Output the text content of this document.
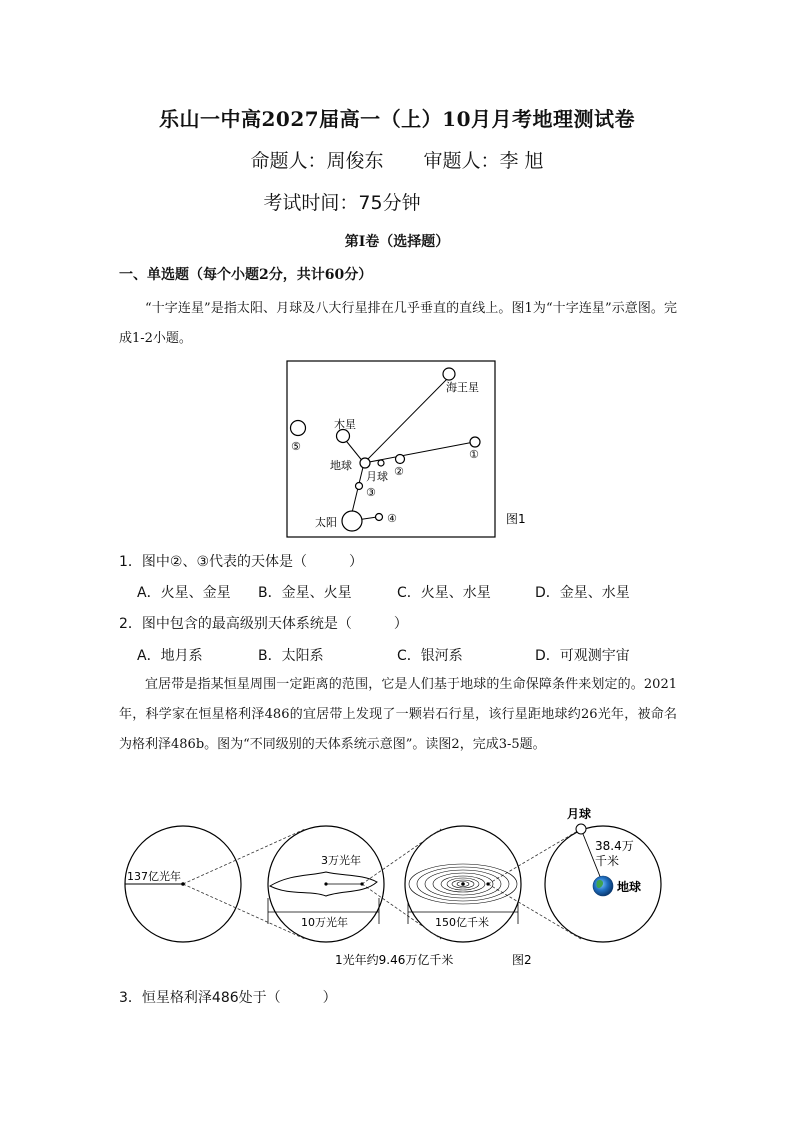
乐山一中高2027届高一（上）10月月考地理测试卷
命题人：周俊东 审题人：李 旭
考试时间：75分钟
第Ⅰ卷（选择题）
一、单选题（每个小题2分，共计60分）

“十字连星”是指太阳、月球及八大行星排在几乎垂直的直线上。图1为“十字连星”示意图。完成1-2小题。

海王星
木星
地球
月球
太阳
⑤
②
①
③
④	图1
1．图中②、③代表的天体是（　　　）
A．火星、金星	B．金星、火星	C．火星、水星	D．金星、水星
2．图中包含的最高级别天体系统是（　　　）
A．地月系	B．太阳系	C．银河系	D．可观测宇宙

宜居带是指某恒星周围一定距离的范围，它是人们基于地球的生命保障条件来划定的。2021年，科学家在恒星格利泽486的宜居带上发现了一颗岩石行星，该行星距地球约26光年，被命名为格利泽486b。图为“不同级别的天体系统示意图”。读图2，完成3-5题。

137亿光年
3万光年
10万光年	150亿千米
月球
38.4万
千米
地球
1光年约9.46万亿千米	图2
3．恒星格利泽486处于（　　　）
